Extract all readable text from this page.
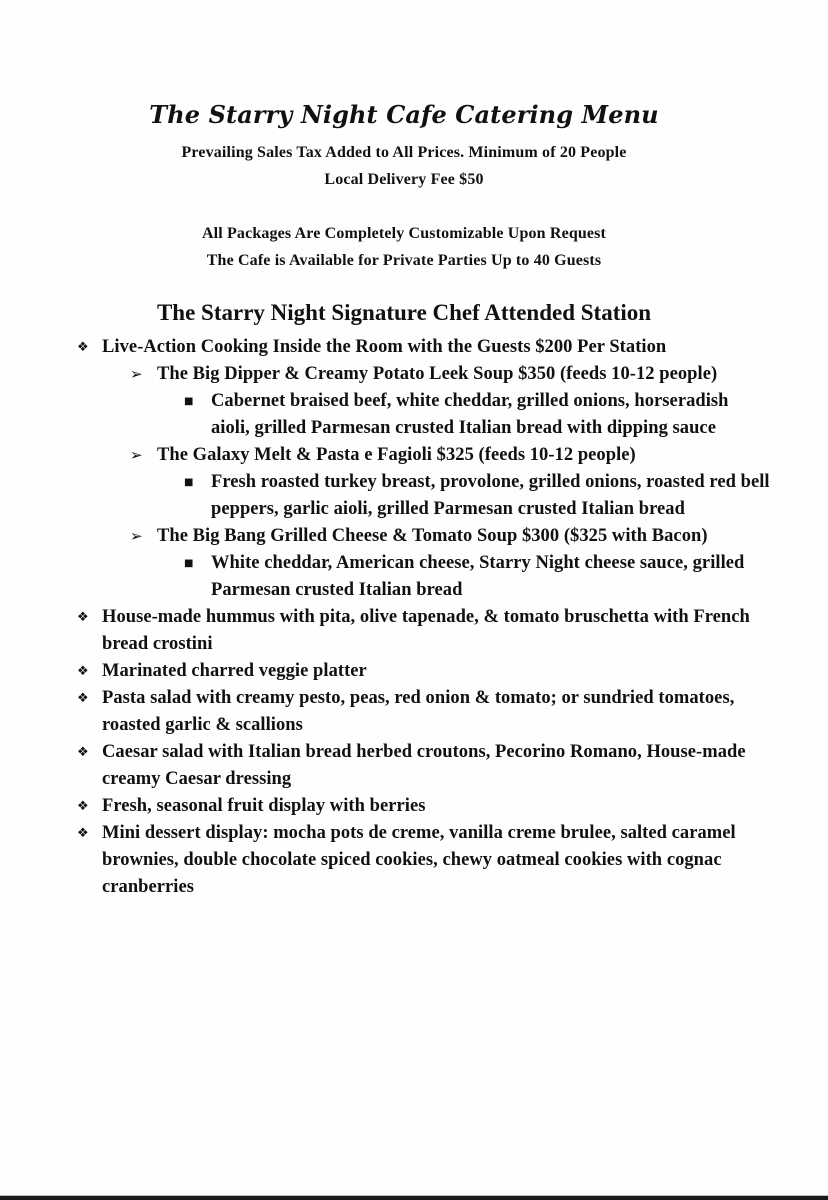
The Starry Night Cafe Catering Menu

Prevailing Sales Tax Added to All Prices. Minimum of 20 People

Local Delivery Fee $50

All Packages Are Completely Customizable Upon Request

The Cafe is Available for Private Parties Up to 40 Guests

The Starry Night Signature Chef Attended Station
❖ Live-Action Cooking Inside the Room with the Guests $200 Per Station
➢ The Big Dipper & Creamy Potato Leek Soup $350 (feeds 10-12 people)
■ Cabernet braised beef, white cheddar, grilled onions, horseradish aioli, grilled Parmesan crusted Italian bread with dipping sauce
➢ The Galaxy Melt & Pasta e Fagioli $325 (feeds 10-12 people)
■ Fresh roasted turkey breast, provolone, grilled onions, roasted red bell peppers, garlic aioli, grilled Parmesan crusted Italian bread
➢ The Big Bang Grilled Cheese & Tomato Soup $300 ($325 with Bacon)
■ White cheddar, American cheese, Starry Night cheese sauce, grilled Parmesan crusted Italian bread
❖ House-made hummus with pita, olive tapenade, & tomato bruschetta with French bread crostini
❖ Marinated charred veggie platter
❖ Pasta salad with creamy pesto, peas, red onion & tomato; or sundried tomatoes, roasted garlic & scallions
❖ Caesar salad with Italian bread herbed croutons, Pecorino Romano, House-made creamy Caesar dressing
❖ Fresh, seasonal fruit display with berries
❖ Mini dessert display: mocha pots de creme, vanilla creme brulee, salted caramel brownies, double chocolate spiced cookies, chewy oatmeal cookies with cognac cranberries
